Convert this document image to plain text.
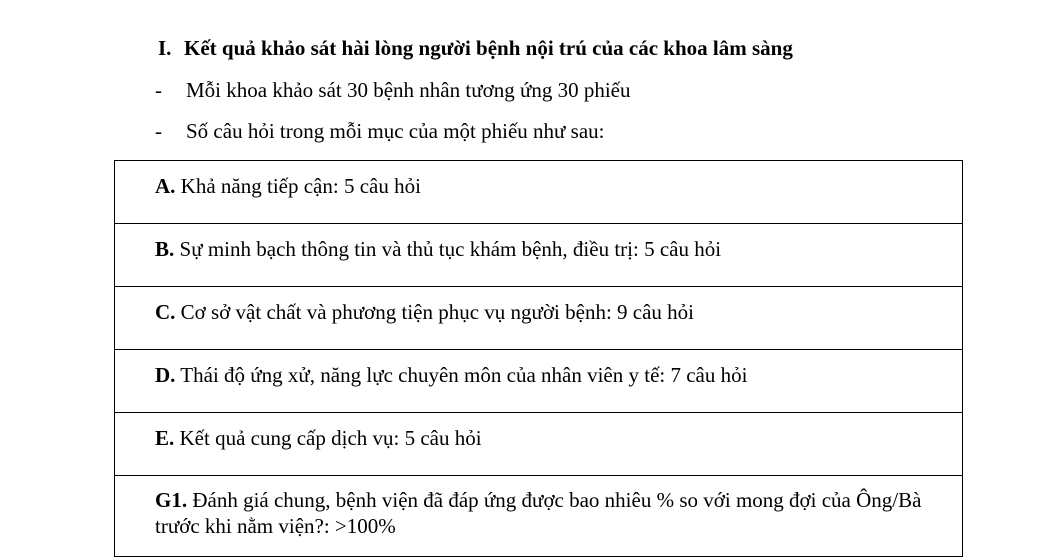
I. Kết quả khảo sát hài lòng người bệnh nội trú của các khoa lâm sàng
- Mỗi khoa khảo sát 30 bệnh nhân tương ứng 30 phiếu
- Số câu hỏi trong mỗi mục của một phiếu như sau:
A. Khả năng tiếp cận: 5 câu hỏi

B. Sự minh bạch thông tin và thủ tục khám bệnh, điều trị: 5 câu hỏi

C. Cơ sở vật chất và phương tiện phục vụ người bệnh: 9 câu hỏi

D. Thái độ ứng xử, năng lực chuyên môn của nhân viên y tế: 7 câu hỏi

E. Kết quả cung cấp dịch vụ: 5 câu hỏi

G1. Đánh giá chung, bệnh viện đã đáp ứng được bao nhiêu % so với mong đợi của Ông/Bà trước khi nằm viện?: >100%
